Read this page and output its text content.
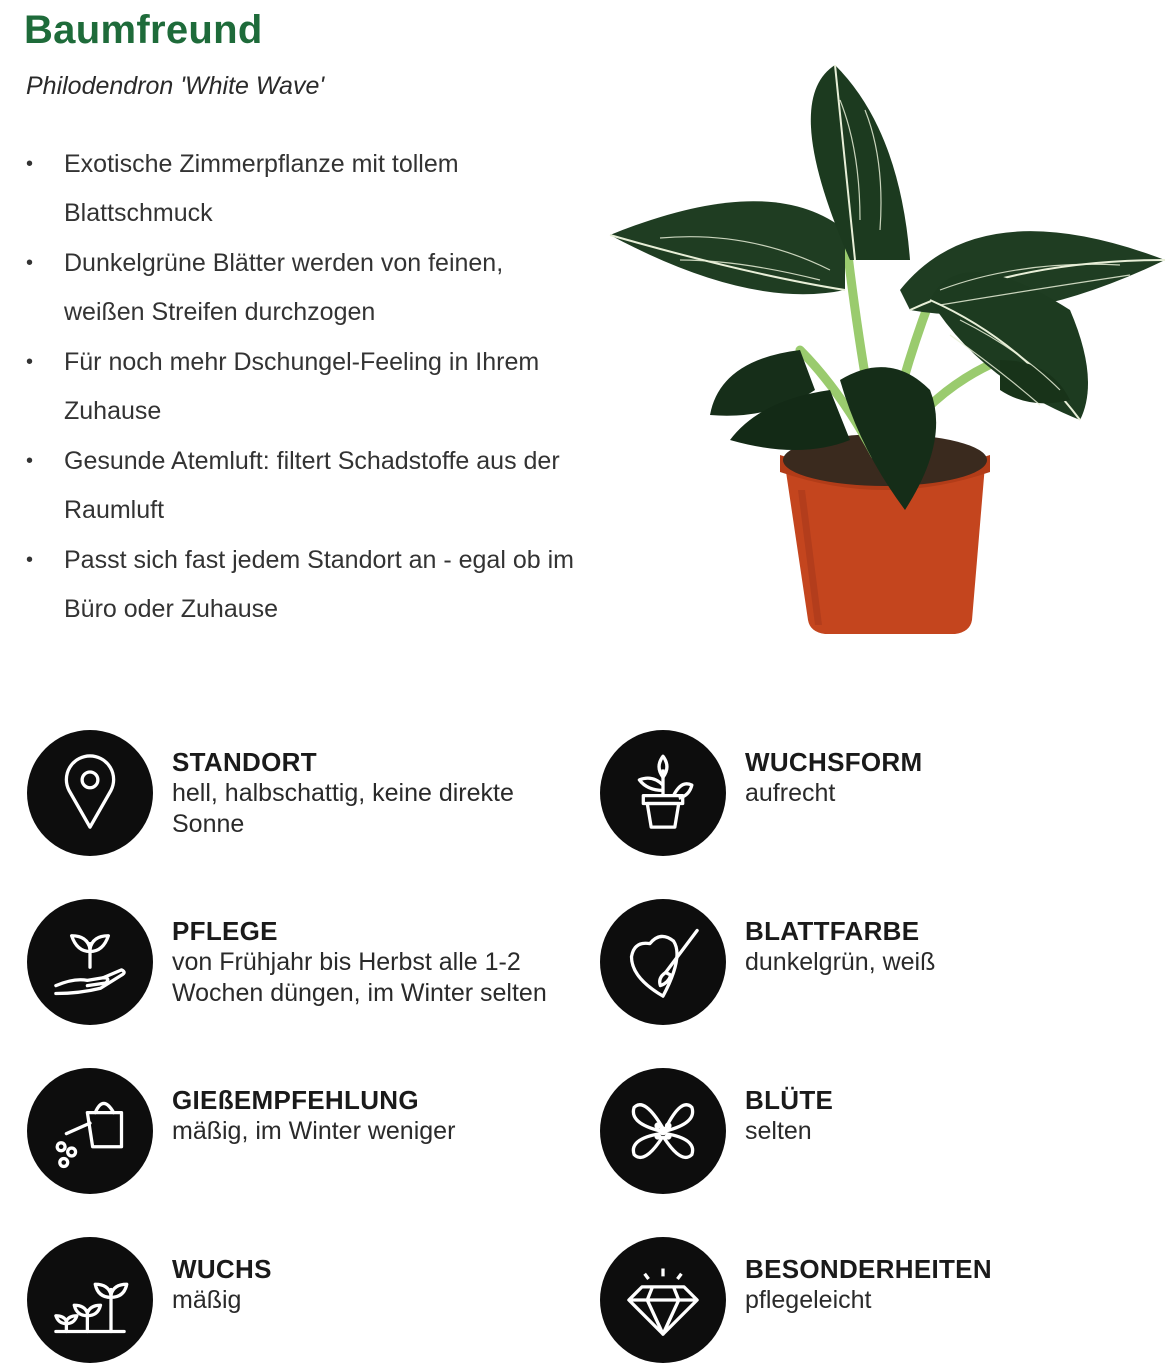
Baumfreund
Philodendron 'White Wave'
• Exotische Zimmerpflanze mit tollem Blattschmuck
• Dunkelgrüne Blätter werden von feinen, weißen Streifen durchzogen
• Für noch mehr Dschungel-Feeling in Ihrem Zuhause
• Gesunde Atemluft: filtert Schadstoffe aus der Raumluft
• Passt sich fast jedem Standort an - egal ob im Büro oder Zuhause
STANDORT
hell, halbschattig, keine direkte Sonne
WUCHSFORM
aufrecht
PFLEGE
von Frühjahr bis Herbst alle 1-2 Wochen düngen, im Winter selten
BLATTFARBE
dunkelgrün, weiß
GIEßEMPFEHLUNG
mäßig, im Winter weniger
BLÜTE
selten
WUCHS
mäßig
BESONDERHEITEN
pflegeleicht
